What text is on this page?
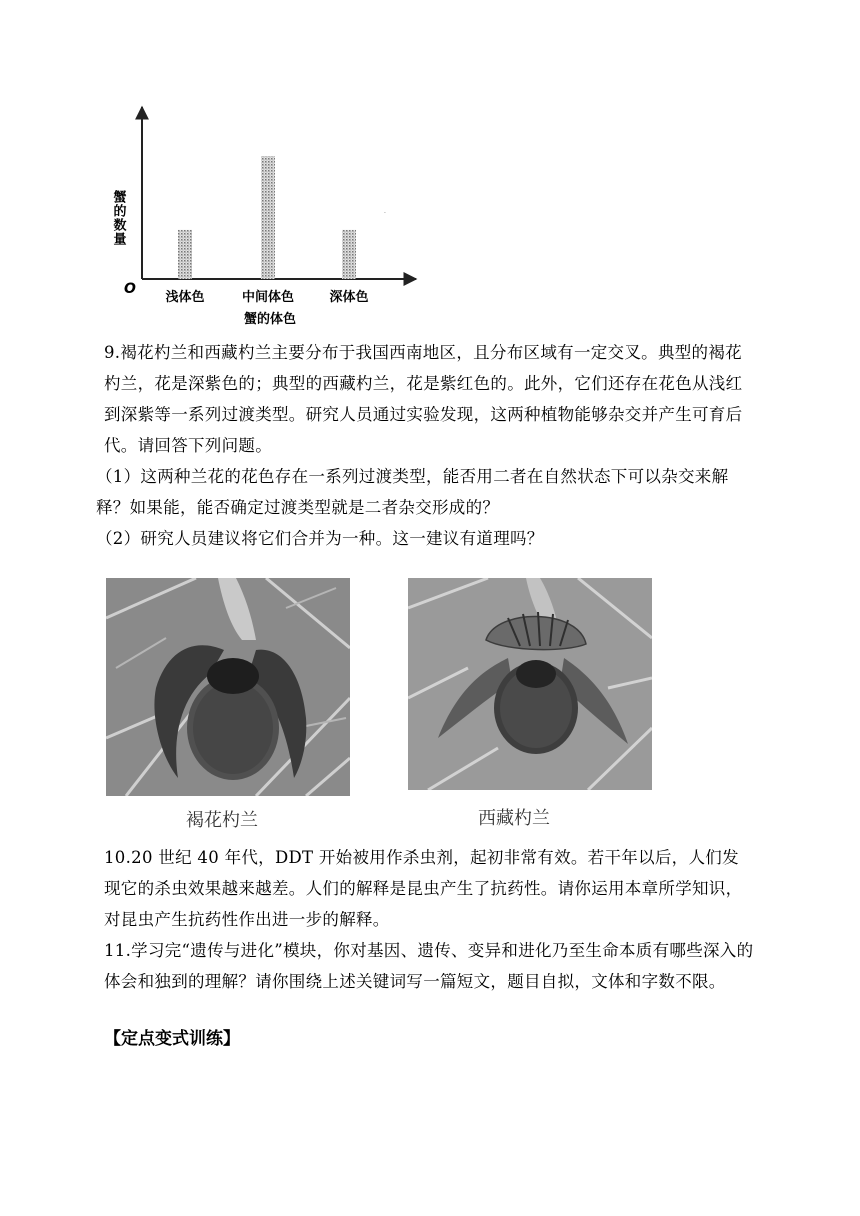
O
蟹的数量
浅体色	中间体色	深体色
蟹的体色
·

9.褐花杓兰和西藏杓兰主要分布于我国西南地区，且分布区域有一定交叉。典型的褐花杓兰，花是深紫色的；典型的西藏杓兰，花是紫红色的。此外，它们还存在花色从浅红到深紫等一系列过渡类型。研究人员通过实验发现，这两种植物能够杂交并产生可育后代。请回答下列问题。

（1）这两种兰花的花色存在一系列过渡类型，能否用二者在自然状态下可以杂交来解释？如果能，能否确定过渡类型就是二者杂交形成的？

（2）研究人员建议将它们合并为一种。这一建议有道理吗？

褐花杓兰	西藏杓兰

10.20 世纪 40 年代，DDT 开始被用作杀虫剂，起初非常有效。若干年以后，人们发现它的杀虫效果越来越差。人们的解释是昆虫产生了抗药性。请你运用本章所学知识，对昆虫产生抗药性作出进一步的解释。

11.学习完“遗传与进化”模块，你对基因、遗传、变异和进化乃至生命本质有哪些深入的体会和独到的理解？请你围绕上述关键词写一篇短文，题目自拟，文体和字数不限。

【定点变式训练】
